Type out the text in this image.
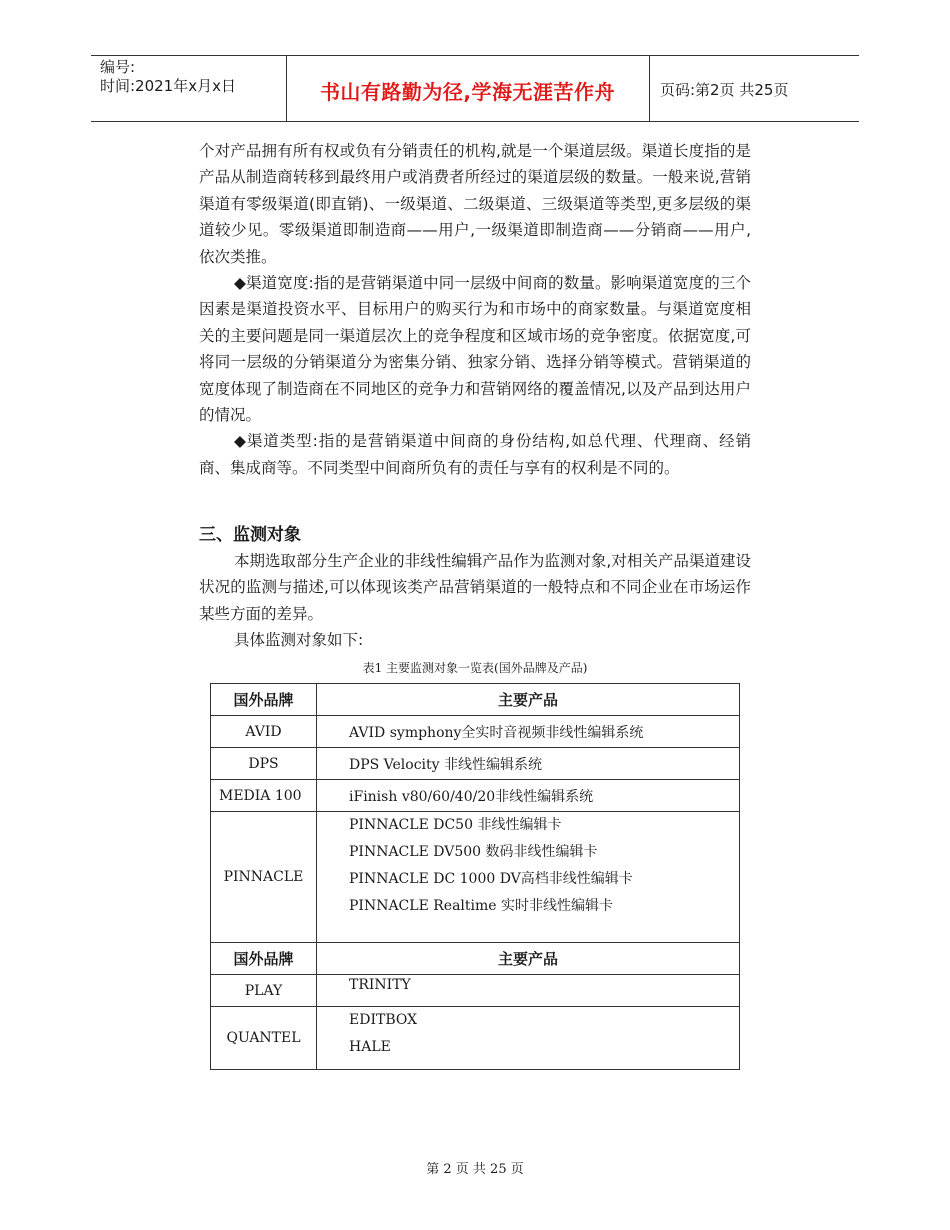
编号:
时间:2021年x月x日	书山有路勤为径,学海无涯苦作舟	页码:第2页 共25页

个对产品拥有所有权或负有分销责任的机构,就是一个渠道层级。渠道长度指的是产品从制造商转移到最终用户或消费者所经过的渠道层级的数量。一般来说,营销渠道有零级渠道(即直销)、一级渠道、二级渠道、三级渠道等类型,更多层级的渠道较少见。零级渠道即制造商——用户,一级渠道即制造商——分销商——用户,依次类推。

◆渠道宽度:指的是营销渠道中同一层级中间商的数量。影响渠道宽度的三个因素是渠道投资水平、目标用户的购买行为和市场中的商家数量。与渠道宽度相关的主要问题是同一渠道层次上的竞争程度和区域市场的竞争密度。依据宽度,可将同一层级的分销渠道分为密集分销、独家分销、选择分销等模式。营销渠道的宽度体现了制造商在不同地区的竞争力和营销网络的覆盖情况,以及产品到达用户的情况。

◆渠道类型:指的是营销渠道中间商的身份结构,如总代理、代理商、经销商、集成商等。不同类型中间商所负有的责任与享有的权利是不同的。

三、监测对象

本期选取部分生产企业的非线性编辑产品作为监测对象,对相关产品渠道建设状况的监测与描述,可以体现该类产品营销渠道的一般特点和不同企业在市场运作某些方面的差异。

具体监测对象如下:

表1 主要监测对象一览表(国外品牌及产品)
国外品牌	主要产品
AVID	AVID symphony全实时音视频非线性编辑系统
DPS	DPS Velocity 非线性编辑系统
MEDIA 100	iFinish v80/60/40/20非线性编辑系统
PINNACLE	PINNACLE DC50 非线性编辑卡
PINNACLE DV500 数码非线性编辑卡
PINNACLE DC 1000 DV高档非线性编辑卡
PINNACLE Realtime 实时非线性编辑卡

国外品牌	主要产品
PLAY	TRINITY
QUANTEL	EDITBOX
HALE
第 2 页 共 25 页
